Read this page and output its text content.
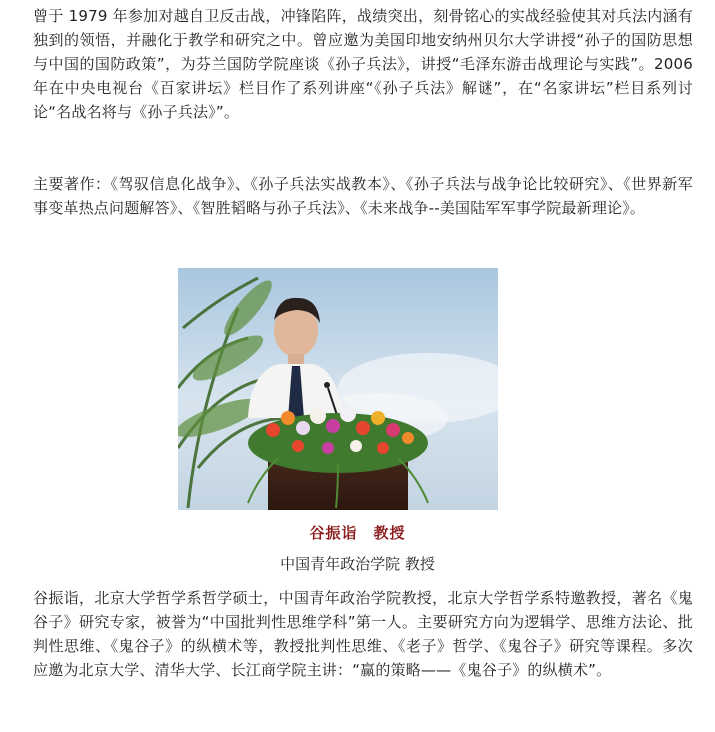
曾于 1979 年参加对越自卫反击战，冲锋陷阵，战绩突出，刻骨铭心的实战经验使其对兵法内涵有独到的领悟，并融化于教学和研究之中。曾应邀为美国印地安纳州贝尔大学讲授“孙子的国防思想与中国的国防政策”，为芬兰国防学院座谈《孙子兵法》，讲授“毛泽东游击战理论与实践”。2006 年在中央电视台《百家讲坛》栏目作了系列讲座“《孙子兵法》解谜”，在“名家讲坛”栏目系列讨论“名战名将与《孙子兵法》”。

主要著作：《驾驭信息化战争》、《孙子兵法实战教本》、《孙子兵法与战争论比较研究》、《世界新军事变革热点问题解答》、《智胜韬略与孙子兵法》、《未来战争--美国陆军军事学院最新理论》。

谷振诣　教授
中国青年政治学院 教授

谷振诣，北京大学哲学系哲学硕士，中国青年政治学院教授，北京大学哲学系特邀教授，著名《鬼谷子》研究专家，被誉为“中国批判性思维学科”第一人。主要研究方向为逻辑学、思维方法论、批判性思维、《鬼谷子》的纵横术等，教授批判性思维、《老子》哲学、《鬼谷子》研究等课程。多次应邀为北京大学、清华大学、长江商学院主讲：“赢的策略——《鬼谷子》的纵横术”。
